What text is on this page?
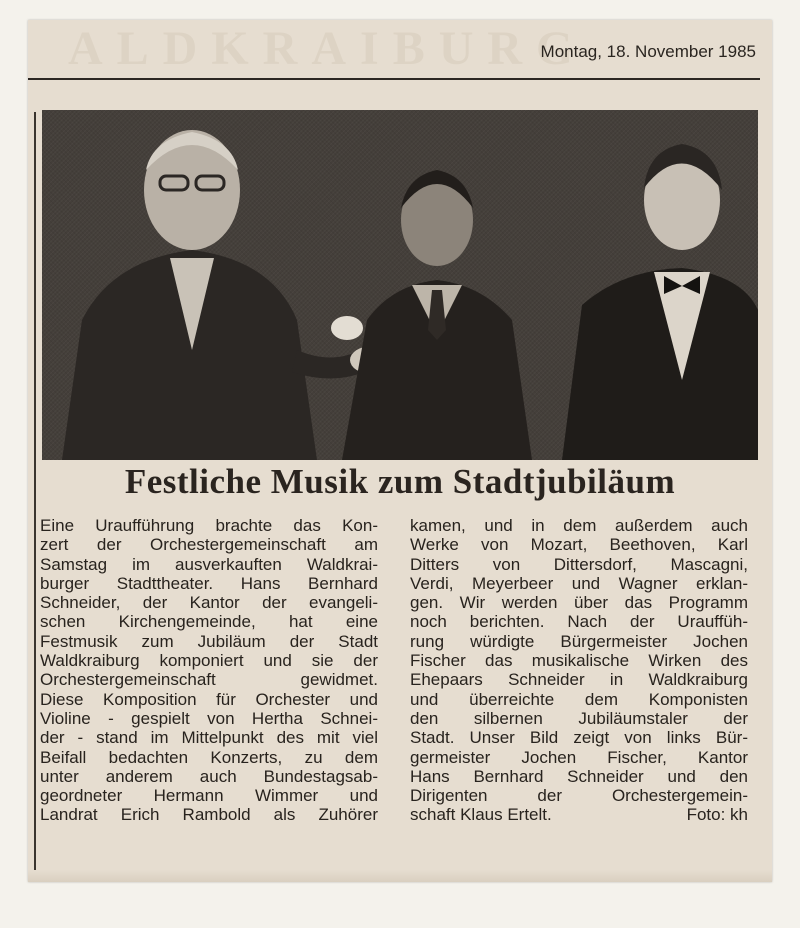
ALDKRAIBURG
Montag, 18. November 1985
Festliche Musik zum Stadtjubiläum
Eine Uraufführung brachte das Kon-
zert der Orchestergemeinschaft am
Samstag im ausverkauften Waldkrai-
burger Stadttheater. Hans Bernhard
Schneider, der Kantor der evangeli-
schen Kirchengemeinde, hat eine
Festmusik zum Jubiläum der Stadt
Waldkraiburg komponiert und sie der
Orchestergemeinschaft gewidmet.
Diese Komposition für Orchester und
Violine - gespielt von Hertha Schnei-
der - stand im Mittelpunkt des mit viel
Beifall bedachten Konzerts, zu dem
unter anderem auch Bundestagsab-
geordneter Hermann Wimmer und
Landrat Erich Rambold als Zuhörer
kamen, und in dem außerdem auch
Werke von Mozart, Beethoven, Karl
Ditters von Dittersdorf, Mascagni,
Verdi, Meyerbeer und Wagner erklan-
gen. Wir werden über das Programm
noch berichten. Nach der Urauffüh-
rung würdigte Bürgermeister Jochen
Fischer das musikalische Wirken des
Ehepaars Schneider in Waldkraiburg
und überreichte dem Komponisten
den silbernen Jubiläumstaler der
Stadt. Unser Bild zeigt von links Bür-
germeister Jochen Fischer, Kantor
Hans Bernhard Schneider und den
Dirigenten der Orchestergemein-
schaft Klaus Ertelt.	Foto: kh
